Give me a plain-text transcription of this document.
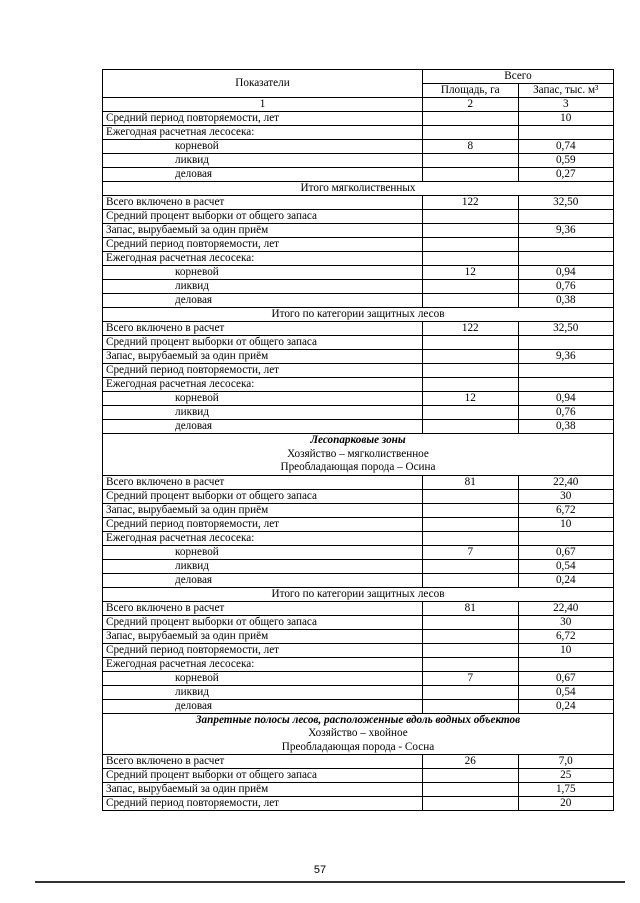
Показатели	Всего	
	Площадь, га	Запас, тыс. м³
1	2	3
Средний период повторяемости, лет		10
Ежегодная расчетная лесосека:		
корневой	8	0,74
ликвид		0,59
деловая		0,27
Итого мягколиственных		
Всего включено в расчет	122	32,50
Средний процент выборки от общего запаса		
Запас, вырубаемый за один приём		9,36
Средний период повторяемости, лет		
Ежегодная расчетная лесосека:		
корневой	12	0,94
ликвид		0,76
деловая		0,38
Итого по категории защитных лесов		
Всего включено в расчет	122	32,50
Средний процент выборки от общего запаса		
Запас, вырубаемый за один приём		9,36
Средний период повторяемости, лет		
Ежегодная расчетная лесосека:		
корневой	12	0,94
ликвид		0,76
деловая		0,38

Лесопарковые зоны
Хозяйство – мягколиственное
Преобладающая порода – Осина		

Всего включено в расчет	81	22,40
Средний процент выборки от общего запаса		30
Запас, вырубаемый за один приём		6,72
Средний период повторяемости, лет		10
Ежегодная расчетная лесосека:		
корневой	7	0,67
ликвид		0,54
деловая		0,24
Итого по категории защитных лесов		
Всего включено в расчет	81	22,40
Средний процент выборки от общего запаса		30
Запас, вырубаемый за один приём		6,72
Средний период повторяемости, лет		10
Ежегодная расчетная лесосека:		
корневой	7	0,67
ликвид		0,54
деловая		0,24

Запретные полосы лесов, расположенные вдоль водных объектов
Хозяйство – хвойное
Преобладающая порода - Сосна		

Всего включено в расчет	26	7,0
Средний процент выборки от общего запаса		25
Запас, вырубаемый за один приём		1,75
Средний период повторяемости, лет		20
57
